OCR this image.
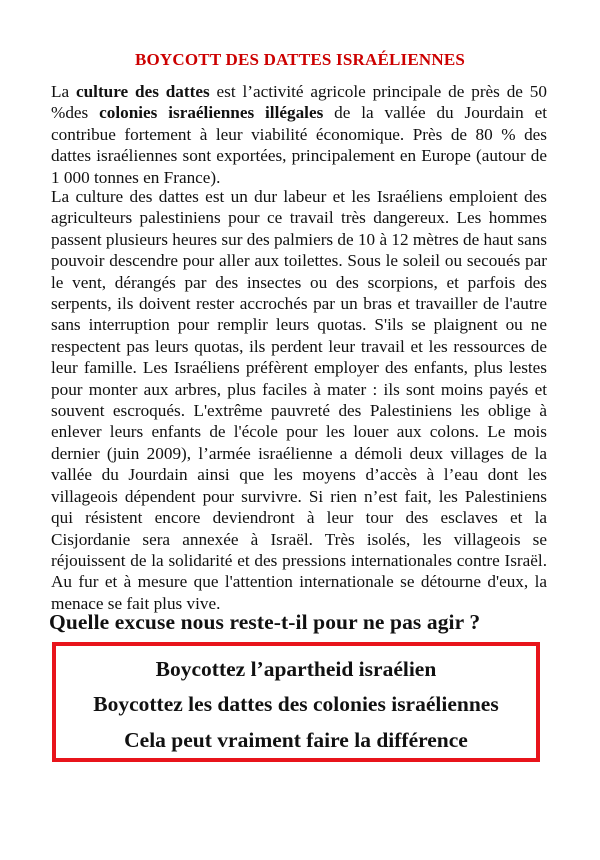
BOYCOTT DES DATTES ISRAÉLIENNES

La culture des dattes est l’activité agricole principale de près de 50 %des colonies israéliennes illégales de la vallée du Jourdain et contribue fortement à leur viabilité économique. Près de 80 % des dattes israéliennes sont exportées, principalement en Europe (autour de 1 000 tonnes en France).

La culture des dattes est un dur labeur et les Israéliens emploient des agriculteurs palestiniens pour ce travail très dangereux. Les hommes passent plusieurs heures sur des palmiers de 10 à 12 mètres de haut sans pouvoir descendre pour aller aux toilettes. Sous le soleil ou secoués par le vent, dérangés par des insectes ou des scorpions, et parfois des serpents, ils doivent rester accrochés par un bras et travailler de l'autre sans interruption pour remplir leurs quotas. S'ils se plaignent ou ne respectent pas leurs quotas, ils perdent leur travail et les ressources de leur famille. Les Israéliens préfèrent employer des enfants, plus lestes pour monter aux arbres, plus faciles à mater : ils sont moins payés et souvent escroqués. L'extrême pauvreté des Palestiniens les oblige à enlever leurs enfants de l'école pour les louer aux colons. Le mois dernier (juin 2009), l’armée israélienne a démoli deux villages de la vallée du Jourdain ainsi que les moyens d’accès à l’eau dont les villageois dépendent pour survivre. Si rien n’est fait, les Palestiniens qui résistent encore deviendront à leur tour des esclaves et la Cisjordanie sera annexée à Israël. Très isolés, les villageois se réjouissent de la solidarité et des pressions internationales contre Israël. Au fur et à mesure que l'attention internationale se détourne d'eux, la menace se fait plus vive.

Quelle excuse nous reste-t-il pour ne pas agir ?
Boycottez l’apartheid israélien
Boycottez les dattes des colonies israéliennes
Cela peut vraiment faire la différence
